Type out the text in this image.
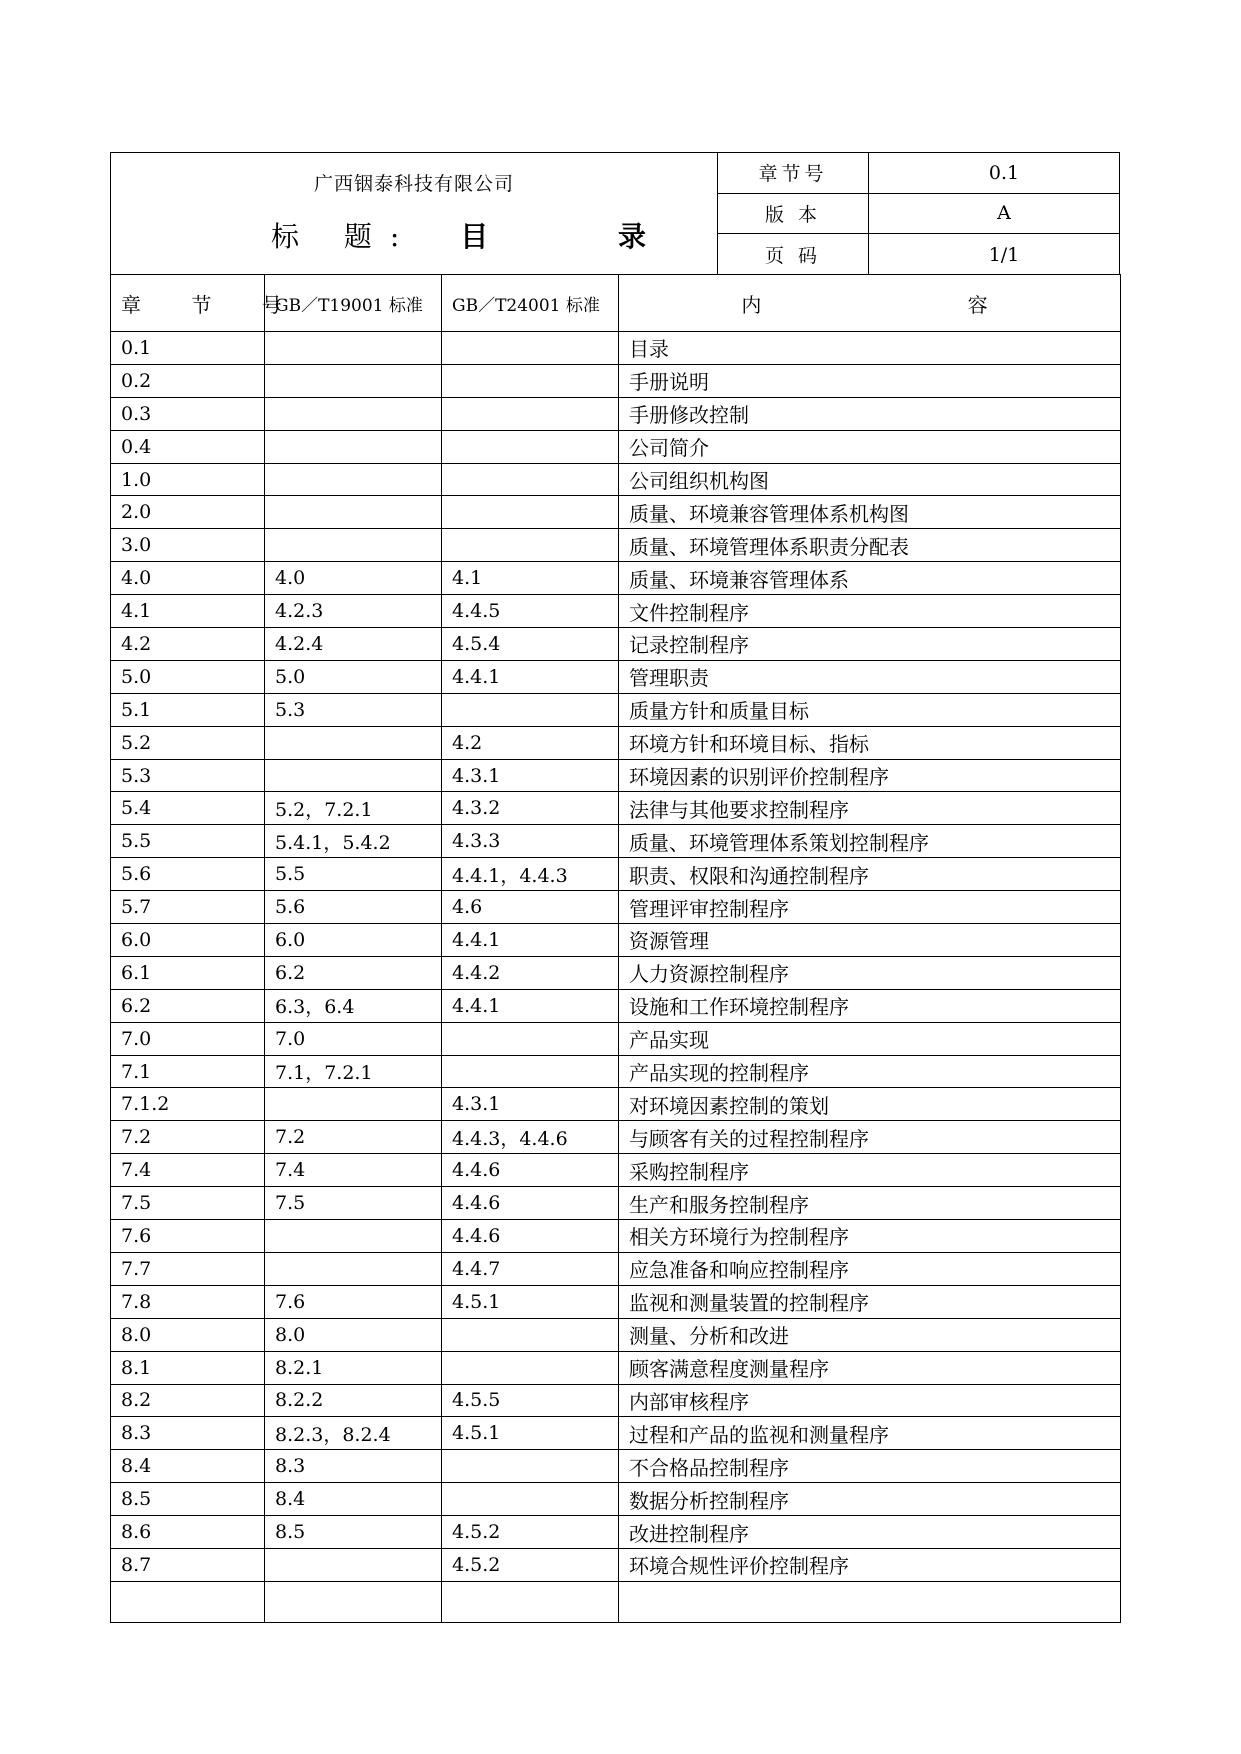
广西铟泰科技有限公司
标 题: 目 录
章节号	0.1
版 本	A
页 码	1/1
章 节 号	GB／T19001 标准	GB／T24001 标准	内 容
0.1			目录
0.2			手册说明
0.3			手册修改控制
0.4			公司简介
1.0			公司组织机构图
2.0			质量、环境兼容管理体系机构图
3.0			质量、环境管理体系职责分配表
4.0	4.0	4.1	质量、环境兼容管理体系
4.1	4.2.3	4.4.5	文件控制程序
4.2	4.2.4	4.5.4	记录控制程序
5.0	5.0	4.4.1	管理职责
5.1	5.3		质量方针和质量目标
5.2		4.2	环境方针和环境目标、指标
5.3		4.3.1	环境因素的识别评价控制程序
5.4	5.2，7.2.1	4.3.2	法律与其他要求控制程序
5.5	5.4.1，5.4.2	4.3.3	质量、环境管理体系策划控制程序
5.6	5.5	4.4.1，4.4.3	职责、权限和沟通控制程序
5.7	5.6	4.6	管理评审控制程序
6.0	6.0	4.4.1	资源管理
6.1	6.2	4.4.2	人力资源控制程序
6.2	6.3，6.4	4.4.1	设施和工作环境控制程序
7.0	7.0		产品实现
7.1	7.1，7.2.1		产品实现的控制程序
7.1.2		4.3.1	对环境因素控制的策划
7.2	7.2	4.4.3，4.4.6	与顾客有关的过程控制程序
7.4	7.4	4.4.6	采购控制程序
7.5	7.5	4.4.6	生产和服务控制程序
7.6		4.4.6	相关方环境行为控制程序
7.7		4.4.7	应急准备和响应控制程序
7.8	7.6	4.5.1	监视和测量装置的控制程序
8.0	8.0		测量、分析和改进
8.1	8.2.1		顾客满意程度测量程序
8.2	8.2.2	4.5.5	内部审核程序
8.3	8.2.3，8.2.4	4.5.1	过程和产品的监视和测量程序
8.4	8.3		不合格品控制程序
8.5	8.4		数据分析控制程序
8.6	8.5	4.5.2	改进控制程序
8.7		4.5.2	环境合规性评价控制程序
